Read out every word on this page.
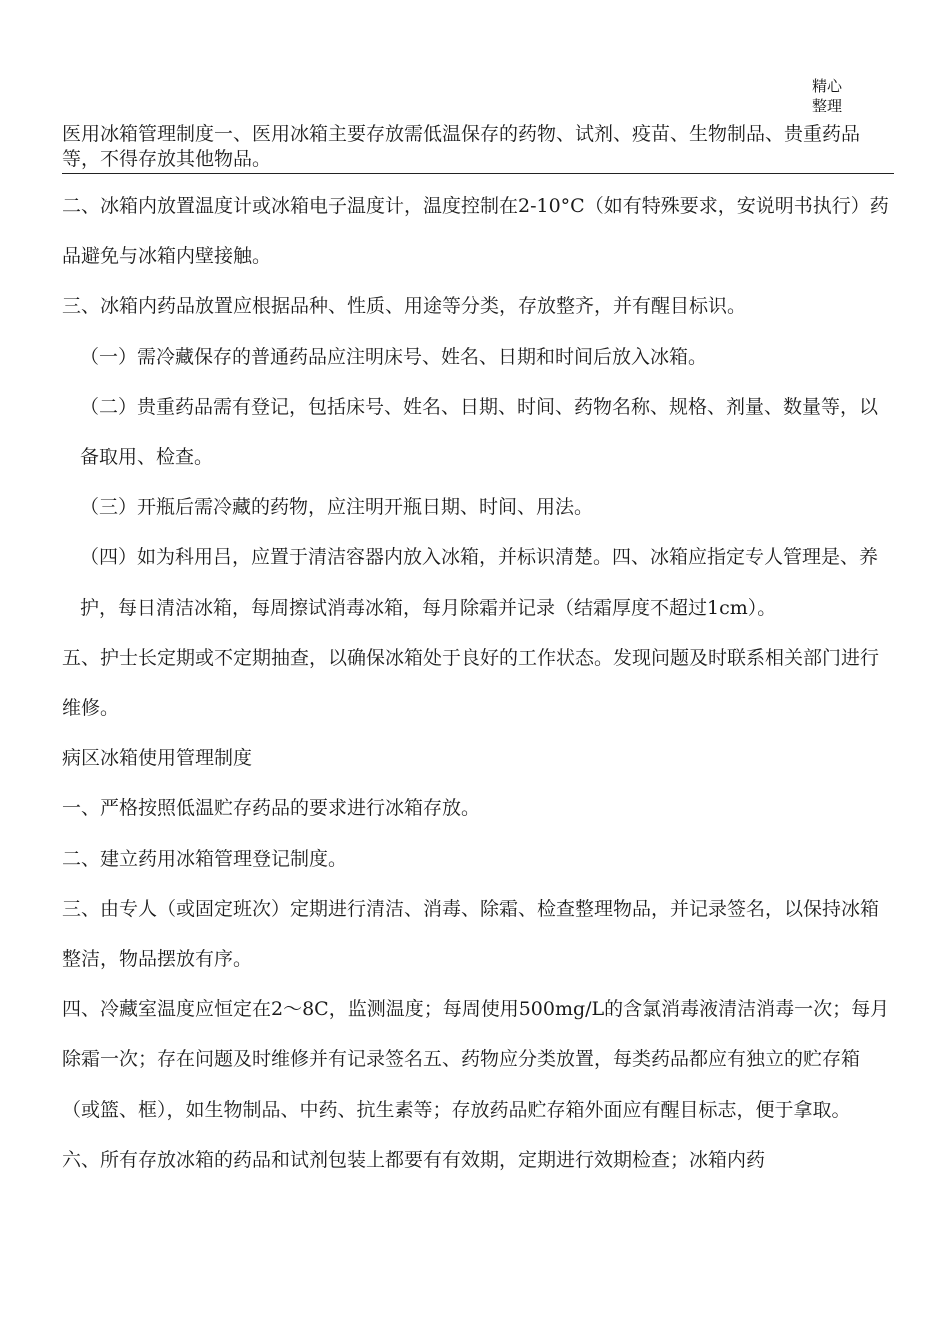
精心
整理
医用冰箱管理制度一、医用冰箱主要存放需低温保存的药物、试剂、疫苗、生物制品、贵重药品等，不得存放其他物品。

二、冰箱内放置温度计或冰箱电子温度计，温度控制在2-10°C（如有特殊要求，安说明书执行）药品避免与冰箱内壁接触。

三、冰箱内药品放置应根据品种、性质、用途等分类，存放整齐，并有醒目标识。

（一）需冷藏保存的普通药品应注明床号、姓名、日期和时间后放入冰箱。

（二）贵重药品需有登记，包括床号、姓名、日期、时间、药物名称、规格、剂量、数量等，以备取用、检查。

（三）开瓶后需冷藏的药物，应注明开瓶日期、时间、用法。

（四）如为科用吕，应置于清洁容器内放入冰箱，并标识清楚。四、冰箱应指定专人管理是、养护，每日清洁冰箱，每周擦试消毒冰箱，每月除霜并记录（结霜厚度不超过1cm）。

五、护士长定期或不定期抽查，以确保冰箱处于良好的工作状态。发现问题及时联系相关部门进行维修。

病区冰箱使用管理制度

一、严格按照低温贮存药品的要求进行冰箱存放。

二、建立药用冰箱管理登记制度。

三、由专人（或固定班次）定期进行清洁、消毒、除霜、检查整理物品，并记录签名，以保持冰箱整洁，物品摆放有序。

四、冷藏室温度应恒定在2～8C，监测温度；每周使用500mg/L的含氯消毒液清洁消毒一次；每月除霜一次；存在问题及时维修并有记录签名五、药物应分类放置，每类药品都应有独立的贮存箱（或篮、框），如生物制品、中药、抗生素等；存放药品贮存箱外面应有醒目标志，便于拿取。

六、所有存放冰箱的药品和试剂包装上都要有有效期，定期进行效期检查；冰箱内药
